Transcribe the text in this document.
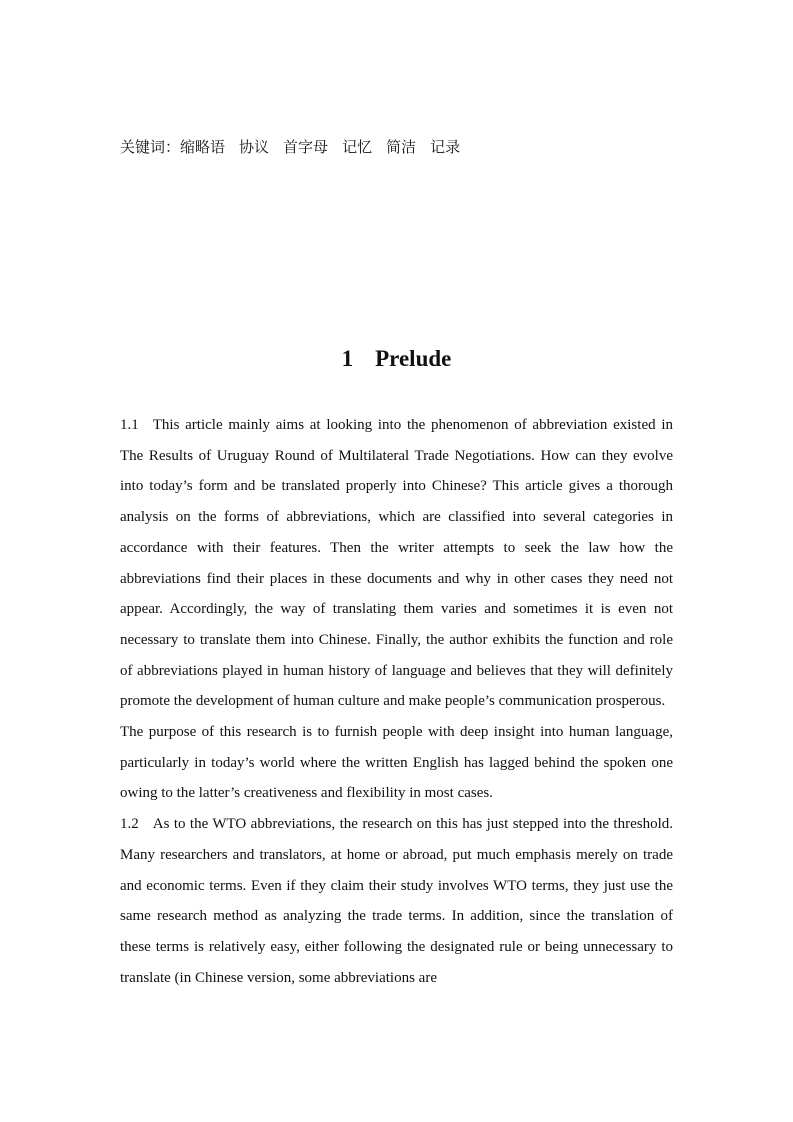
关键词：缩略语 协议 首字母 记忆 简洁 记录
1 Prelude

1.1 This article mainly aims at looking into the phenomenon of abbreviation existed in The Results of Uruguay Round of Multilateral Trade Negotiations. How can they evolve into today’s form and be translated properly into Chinese? This article gives a thorough analysis on the forms of abbreviations, which are classified into several categories in accordance with their features. Then the writer attempts to seek the law how the abbreviations find their places in these documents and why in other cases they need not appear. Accordingly, the way of translating them varies and sometimes it is even not necessary to translate them into Chinese. Finally, the author exhibits the function and role of abbreviations played in human history of language and believes that they will definitely promote the development of human culture and make people’s communication prosperous.

The purpose of this research is to furnish people with deep insight into human language, particularly in today’s world where the written English has lagged behind the spoken one owing to the latter’s creativeness and flexibility in most cases.

1.2 As to the WTO abbreviations, the research on this has just stepped into the threshold. Many researchers and translators, at home or abroad, put much emphasis merely on trade and economic terms. Even if they claim their study involves WTO terms, they just use the same research method as analyzing the trade terms. In addition, since the translation of these terms is relatively easy, either following the designated rule or being unnecessary to translate (in Chinese version, some abbreviations are
